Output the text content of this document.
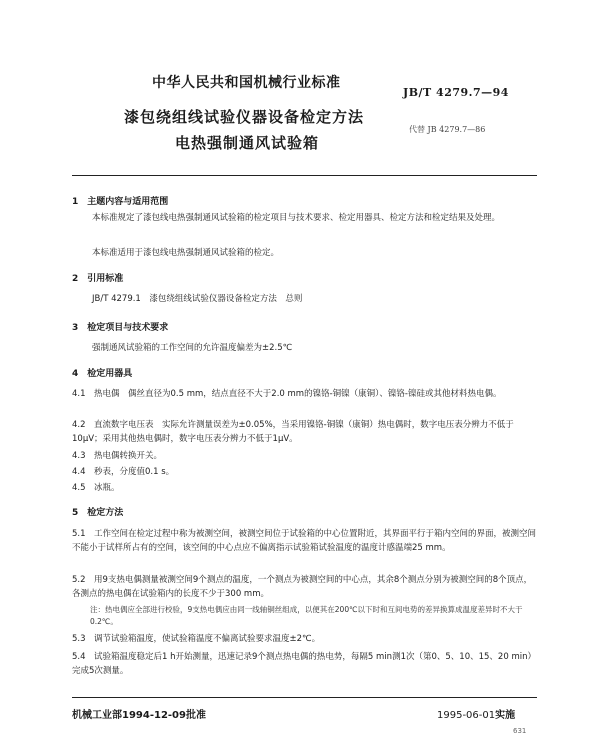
中华人民共和国机械行业标准
漆包绕组线试验仪器设备检定方法
电热强制通风试验箱
JB/T 4279.7—94
代替 JB 4279.7—86
1　主题内容与适用范围
本标准规定了漆包线电热强制通风试验箱的检定项目与技术要求、检定用器具、检定方法和检定结果及处理。
本标准适用于漆包线电热强制通风试验箱的检定。
2　引用标准
JB/T 4279.1　漆包绕组线试验仪器设备检定方法　总则
3　检定项目与技术要求
强制通风试验箱的工作空间的允许温度偏差为±2.5℃
4　检定用器具
4.1　热电偶　偶丝直径为0.5 mm，结点直径不大于2.0 mm的镍铬-铜镍（康铜）、镍铬-镍硅或其他材料热电偶。
4.2　直流数字电压表　实际允许测量误差为±0.05%，当采用镍铬-铜镍（康铜）热电偶时，数字电压表分辨力不低于10μV；采用其他热电偶时，数字电压表分辨力不低于1μV。
4.3　热电偶转换开关。
4.4　秒表，分度值0.1 s。
4.5　冰瓶。
5　检定方法
5.1　工作空间在检定过程中称为被测空间，被测空间位于试验箱的中心位置附近，其界面平行于箱内空间的界面，被测空间不能小于试样所占有的空间，该空间的中心点应不偏离指示试验箱试验温度的温度计感温端25 mm。
5.2　用9支热电偶测量被测空间9个测点的温度，一个测点为被测空间的中心点，其余8个测点分别为被测空间的8个顶点，各测点的热电偶在试验箱内的长度不少于300 mm。
注：热电偶应全部进行校验，9支热电偶应由同一线轴铜丝组成，以便其在200℃以下时和互间电势的差异换算成温度差异时不大于0.2℃。
5.3　调节试验箱温度，使试验箱温度不偏离试验要求温度±2℃。
5.4　试验箱温度稳定后1 h开始测量，迅速记录9个测点热电偶的热电势，每隔5 min测1次（第0、5、10、15、20 min）完成5次测量。
机械工业部1994-12-09批准	1995-06-01实施
631
